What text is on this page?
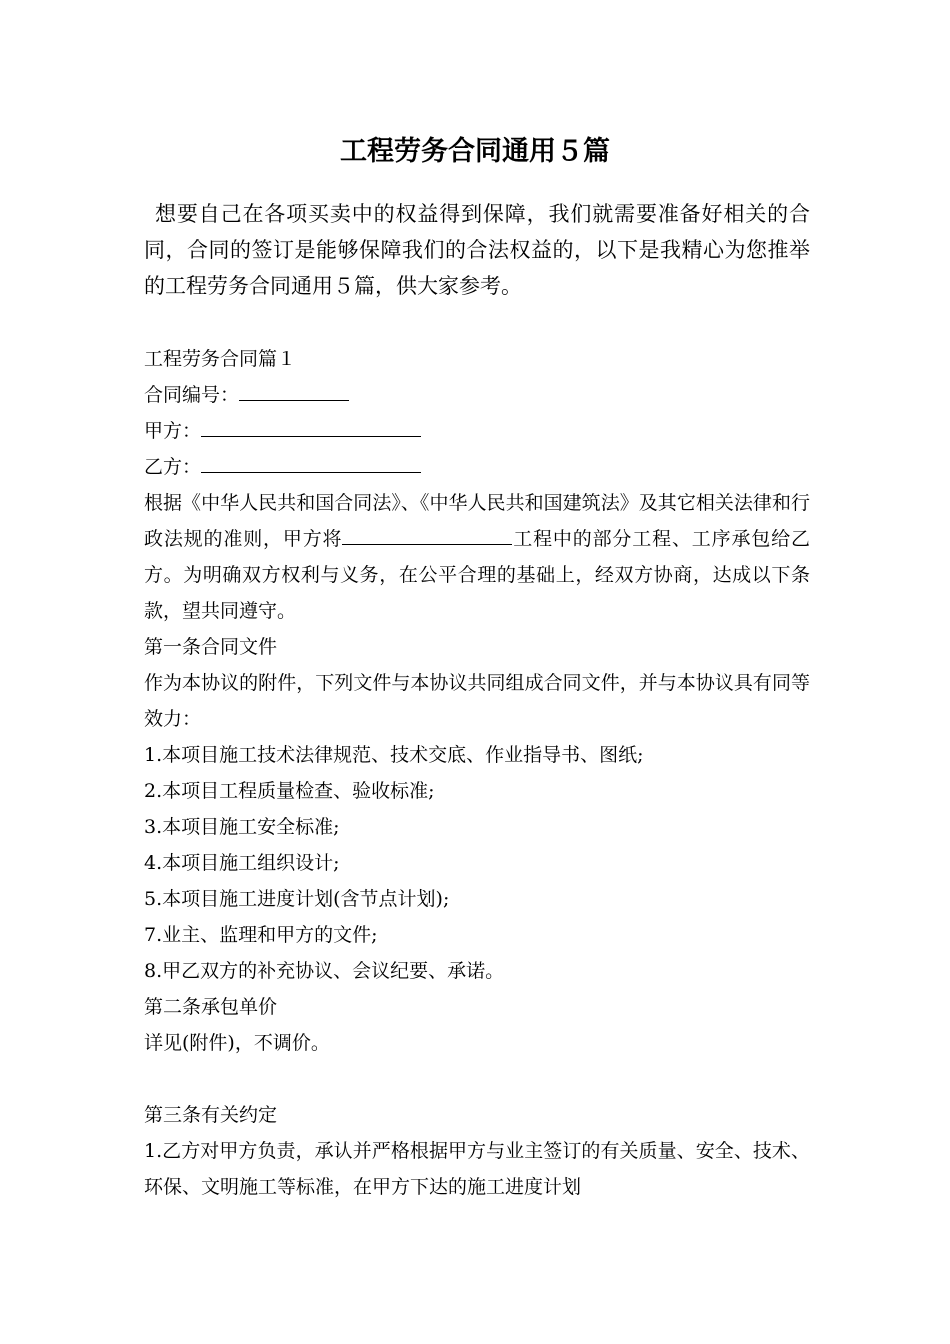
工程劳务合同通用５篇
想要自己在各项买卖中的权益得到保障，我们就需要准备好相关的合同，合同的签订是能够保障我们的合法权益的，以下是我精心为您推举的工程劳务合同通用５篇，供大家参考。
工程劳务合同篇１
合同编号：
甲方：
乙方：
根据《中华人民共和国合同法》、《中华人民共和国建筑法》及其它相关法律和行政法规的准则，甲方将	工程中的部分工程、工序承包给乙方。为明确双方权利与义务，在公平合理的基础上，经双方协商，达成以下条款，望共同遵守。
第一条合同文件
作为本协议的附件，下列文件与本协议共同组成合同文件，并与本协议具有同等效力：
1.本项目施工技术法律规范、技术交底、作业指导书、图纸;
2.本项目工程质量检查、验收标准;
3.本项目施工安全标准;
4.本项目施工组织设计;
5.本项目施工进度计划(含节点计划);
7.业主、监理和甲方的文件;
8.甲乙双方的补充协议、会议纪要、承诺。
第二条承包单价
详见(附件)，不调价。
第三条有关约定
1.乙方对甲方负责，承认并严格根据甲方与业主签订的有关质量、安全、技术、环保、文明施工等标准，在甲方下达的施工进度计划
